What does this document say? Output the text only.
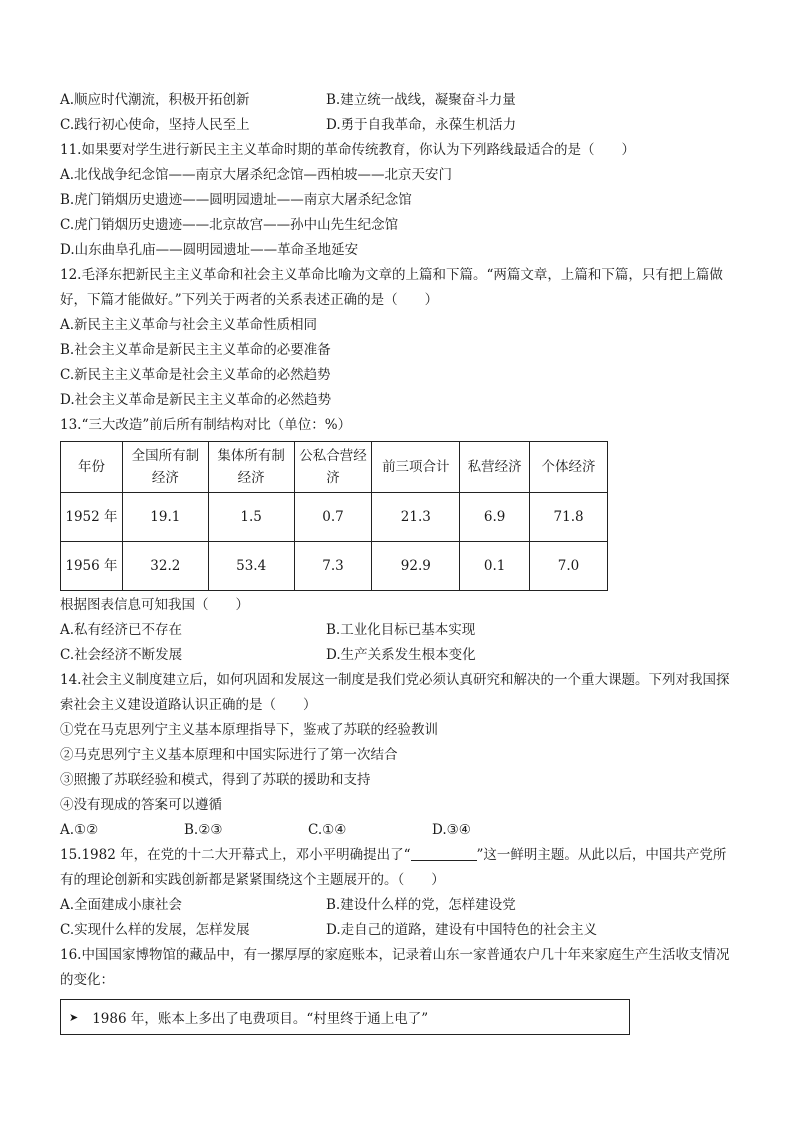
A.顺应时代潮流，积极开拓创新	B.建立统一战线，凝聚奋斗力量
C.践行初心使命，坚持人民至上	D.勇于自我革命，永葆生机活力
11.如果要对学生进行新民主主义革命时期的革命传统教育，你认为下列路线最适合的是（　　）
A.北伐战争纪念馆——南京大屠杀纪念馆—西柏坡——北京天安门
B.虎门销烟历史遗迹——圆明园遗址——南京大屠杀纪念馆
C.虎门销烟历史遗迹——北京故宫——孙中山先生纪念馆
D.山东曲阜孔庙——圆明园遗址——革命圣地延安
12.毛泽东把新民主主义革命和社会主义革命比喻为文章的上篇和下篇。“两篇文章，上篇和下篇，只有把上篇做好，下篇才能做好。”下列关于两者的关系表述正确的是（　　）
A.新民主主义革命与社会主义革命性质相同
B.社会主义革命是新民主主义革命的必要准备
C.新民主主义革命是社会主义革命的必然趋势
D.社会主义革命是新民主主义革命的必然趋势
13.“三大改造”前后所有制结构对比（单位：%）
年份	全国所有制经济	集体所有制经济	公私合营经济	前三项合计	私营经济	个体经济
1952 年	19.1	1.5	0.7	21.3	6.9	71.8
1956 年	32.2	53.4	7.3	92.9	0.1	7.0
根据图表信息可知我国（　　）
A.私有经济已不存在	B.工业化目标已基本实现
C.社会经济不断发展	D.生产关系发生根本变化
14.社会主义制度建立后，如何巩固和发展这一制度是我们党必须认真研究和解决的一个重大课题。下列对我国探索社会主义建设道路认识正确的是（　　）
①党在马克思列宁主义基本原理指导下，鉴戒了苏联的经验教训
②马克思列宁主义基本原理和中国实际进行了第一次结合
③照搬了苏联经验和模式，得到了苏联的援助和支持
④没有现成的答案可以遵循
A.①②	B.②③	C.①④	D.③④
15.1982 年，在党的十二大开幕式上，邓小平明确提出了“	”这一鲜明主题。从此以后，中国共产党所有的理论创新和实践创新都是紧紧围绕这个主题展开的。（　　）
A.全面建成小康社会	B.建设什么样的党，怎样建设党
C.实现什么样的发展，怎样发展	D.走自己的道路，建设有中国特色的社会主义
16.中国国家博物馆的藏品中，有一摞厚厚的家庭账本，记录着山东一家普通农户几十年来家庭生产生活收支情况的变化：
➤ 1986 年，账本上多出了电费项目。“村里终于通上电了”
